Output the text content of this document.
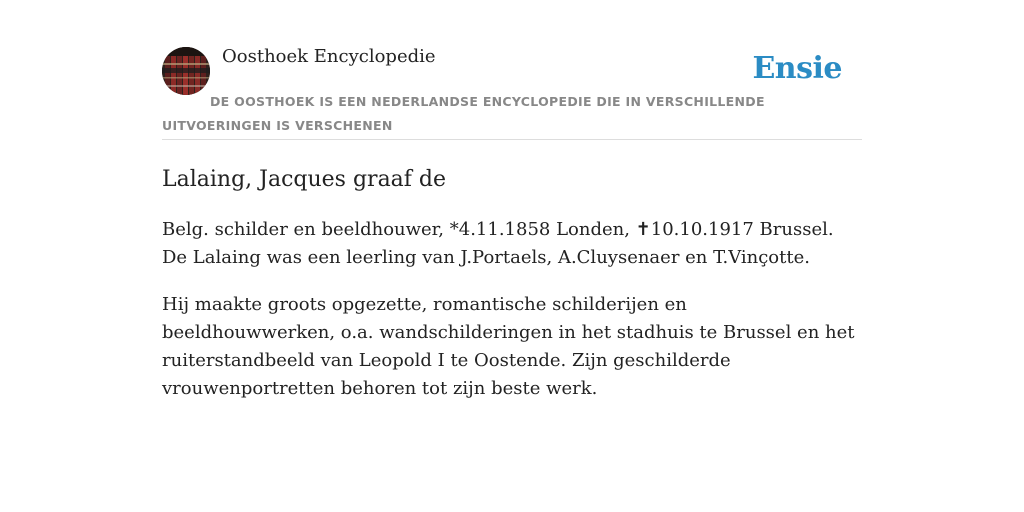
Oosthoek Encyclopedie	Ensie
DE OOSTHOEK IS EEN NEDERLANDSE ENCYCLOPEDIE DIE IN VERSCHILLENDE UITVOERINGEN IS VERSCHENEN
Lalaing, Jacques graaf de

Belg. schilder en beeldhouwer, *4.11.1858 Londen, ✝10.10.1917 Brussel. De Lalaing was een leerling van J.Portaels, A.Cluysenaer en T.Vinçotte.

Hij maakte groots opgezette, romantische schilderijen en beeldhouwwerken, o.a. wandschilderingen in het stadhuis te Brussel en het ruiterstandbeeld van Leopold I te Oostende. Zijn geschilderde vrouwenportretten behoren tot zijn beste werk.
